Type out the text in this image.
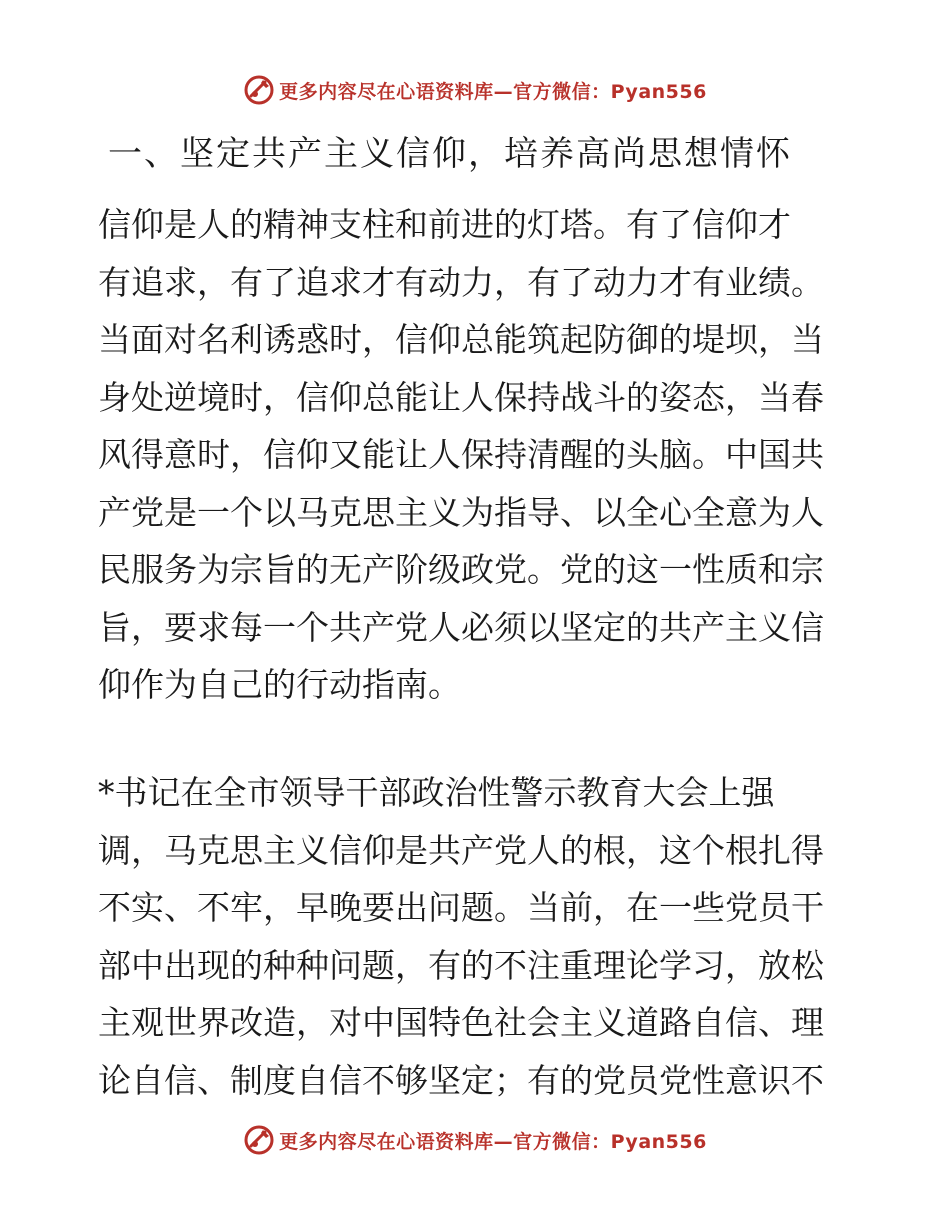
更多内容尽在心语资料库—官方微信：Pyan556
一、坚定共产主义信仰，培养高尚思想情怀
信仰是人的精神支柱和前进的灯塔。有了信仰才
有追求，有了追求才有动力，有了动力才有业绩。
当面对名利诱惑时，信仰总能筑起防御的堤坝，当
身处逆境时，信仰总能让人保持战斗的姿态，当春
风得意时，信仰又能让人保持清醒的头脑。中国共
产党是一个以马克思主义为指导、以全心全意为人
民服务为宗旨的无产阶级政党。党的这一性质和宗
旨，要求每一个共产党人必须以坚定的共产主义信
仰作为自己的行动指南。
*书记在全市领导干部政治性警示教育大会上强
调，马克思主义信仰是共产党人的根，这个根扎得
不实、不牢，早晚要出问题。当前，在一些党员干
部中出现的种种问题，有的不注重理论学习，放松
主观世界改造，对中国特色社会主义道路自信、理
论自信、制度自信不够坚定；有的党员党性意识不
更多内容尽在心语资料库—官方微信：Pyan556
